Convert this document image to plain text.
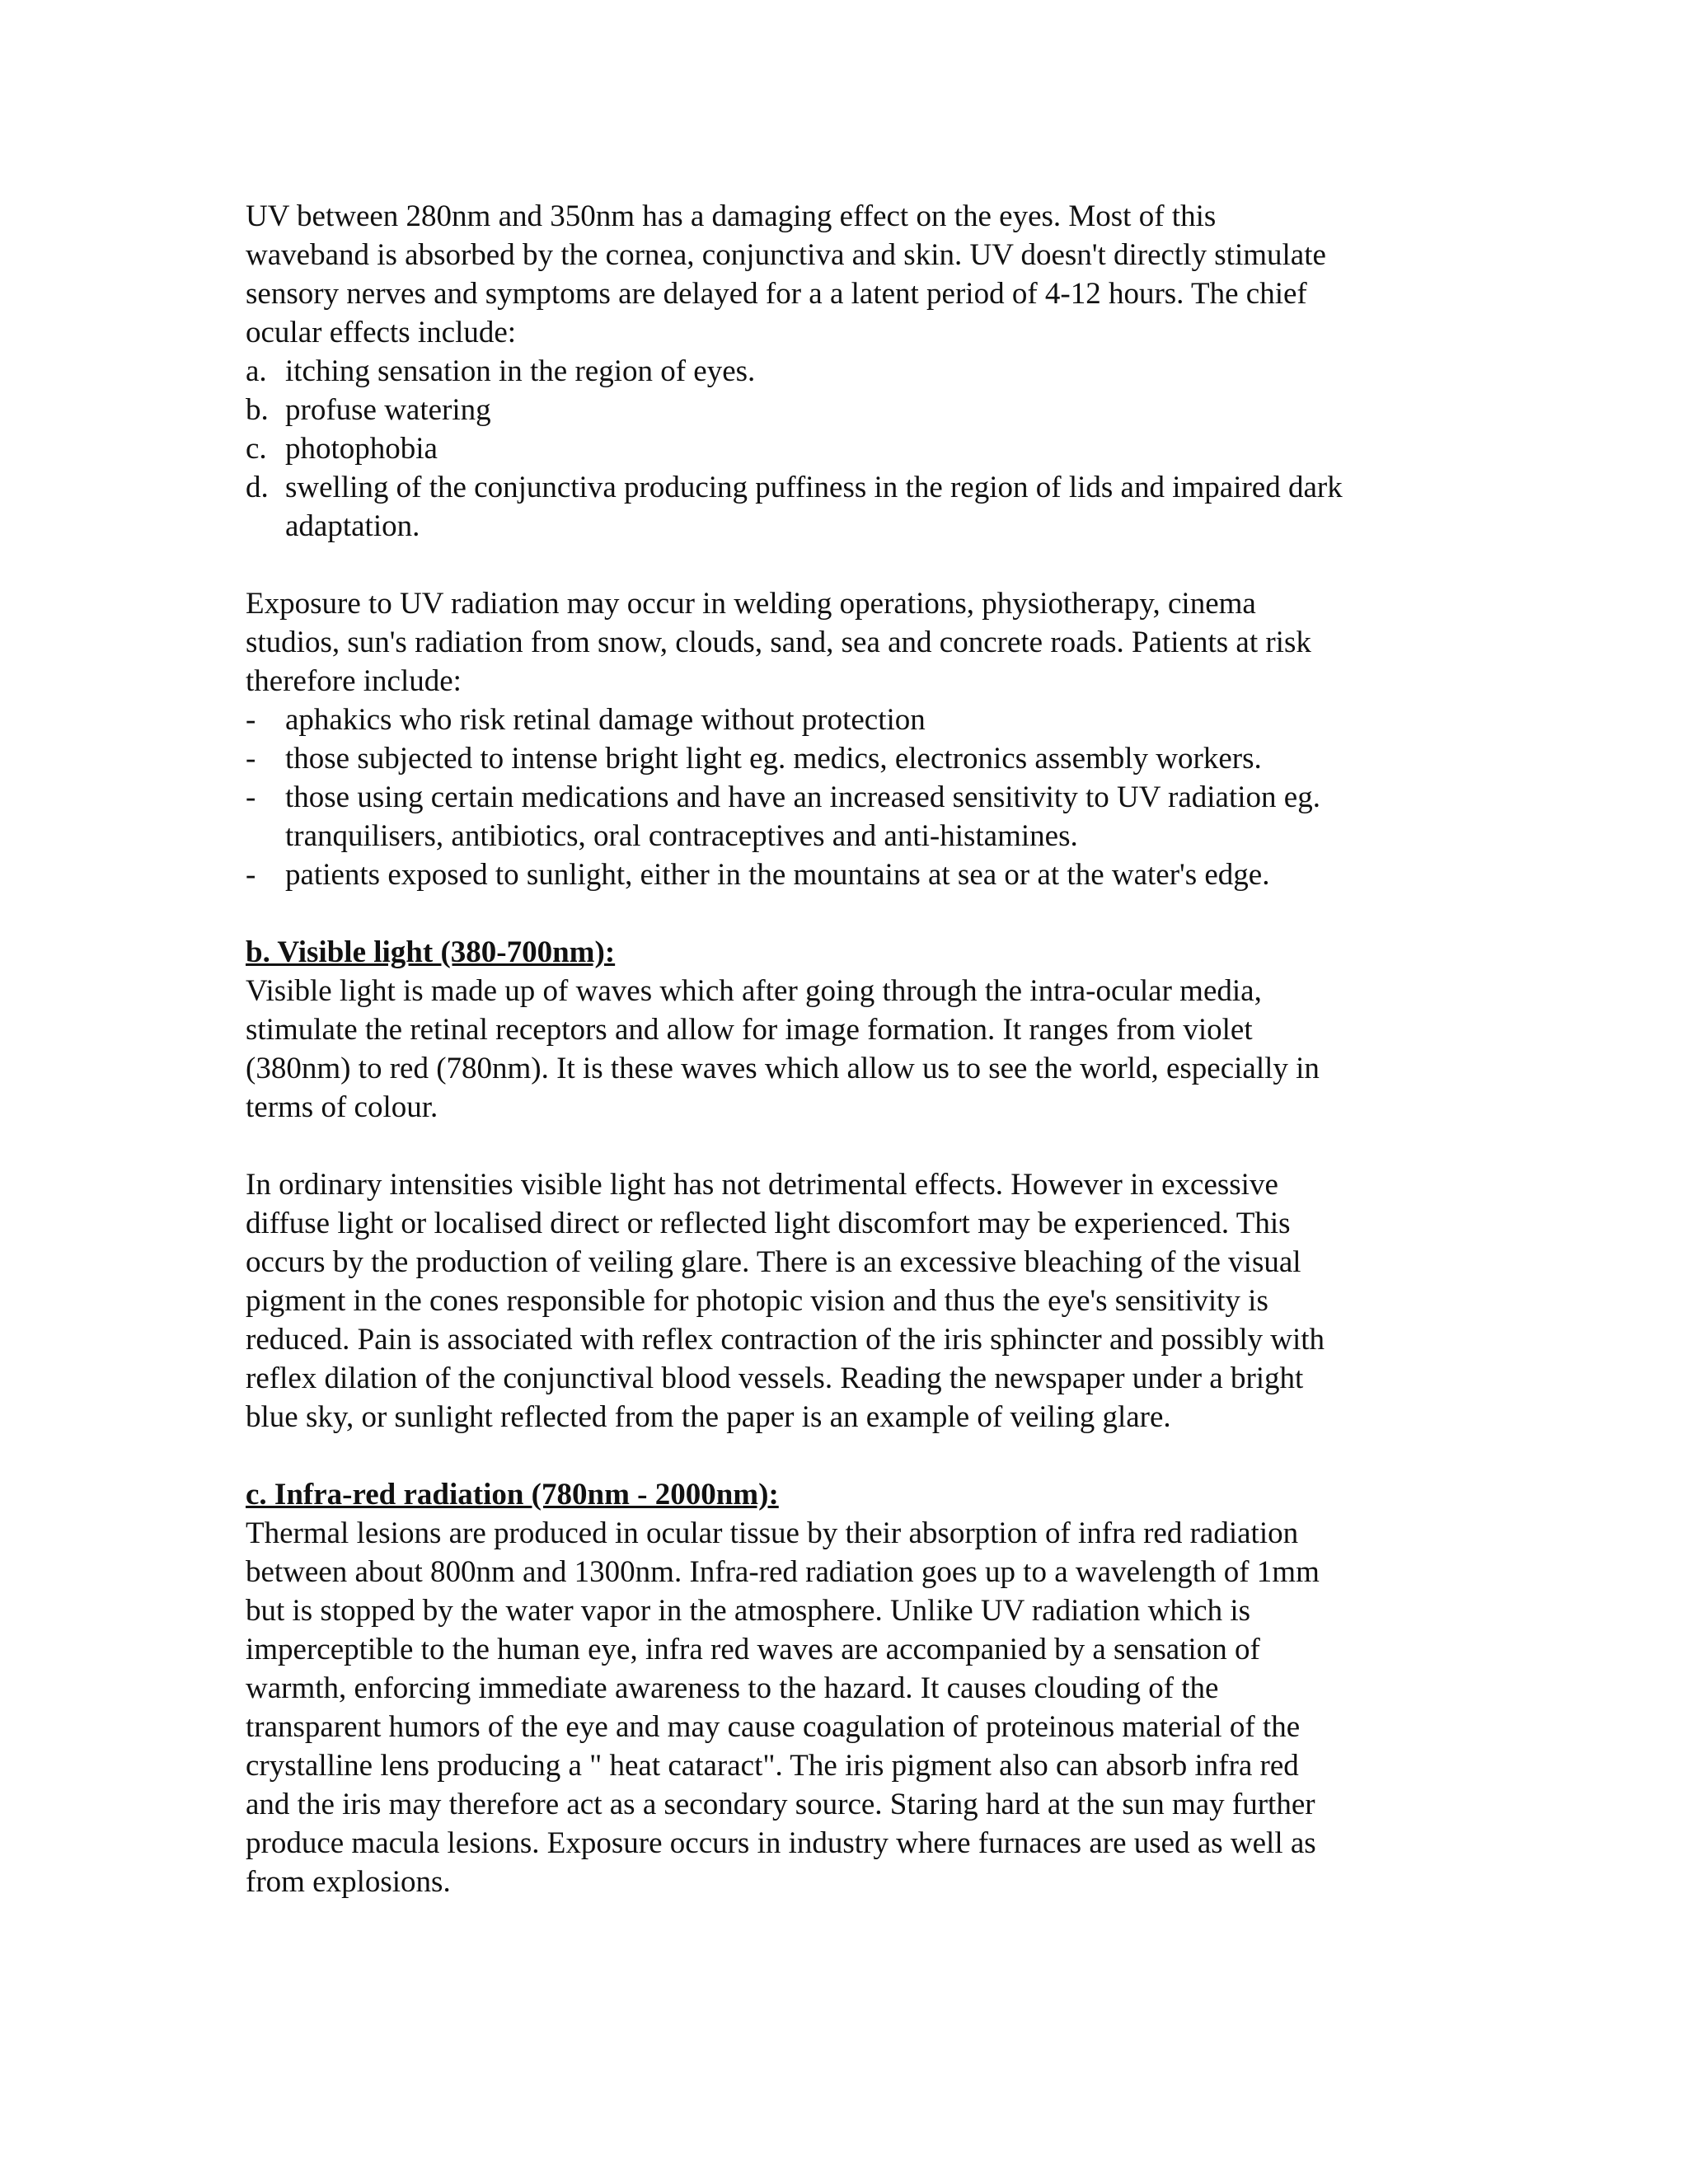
UV between 280nm and 350nm has a damaging effect on the eyes. Most of this
waveband is absorbed by the cornea, conjunctiva and skin. UV doesn't directly stimulate
sensory nerves and symptoms are delayed for a a latent period of 4-12 hours. The chief
ocular effects include:

a. itching sensation in the region of eyes.
b. profuse watering
c. photophobia
d. swelling of the conjunctiva producing puffiness in the region of lids and impaired dark
adaptation.

Exposure to UV radiation may occur in welding operations, physiotherapy, cinema
studios, sun's radiation from snow, clouds, sand, sea and concrete roads. Patients at risk
therefore include:

- aphakics who risk retinal damage without protection
- those subjected to intense bright light eg. medics, electronics assembly workers.
- those using certain medications and have an increased sensitivity to UV radiation eg.
tranquilisers, antibiotics, oral contraceptives and anti-histamines.
- patients exposed to sunlight, either in the mountains at sea or at the water's edge.

b. Visible light (380-700nm):

Visible light is made up of waves which after going through the intra-ocular media,
stimulate the retinal receptors and allow for image formation. It ranges from violet
(380nm) to red (780nm). It is these waves which allow us to see the world, especially in
terms of colour.

In ordinary intensities visible light has not detrimental effects. However in excessive
diffuse light or localised direct or reflected light discomfort may be experienced. This
occurs by the production of veiling glare. There is an excessive bleaching of the visual
pigment in the cones responsible for photopic vision and thus the eye's sensitivity is
reduced. Pain is associated with reflex contraction of the iris sphincter and possibly with
reflex dilation of the conjunctival blood vessels. Reading the newspaper under a bright
blue sky, or sunlight reflected from the paper is an example of veiling glare.

c. Infra-red radiation (780nm - 2000nm):

Thermal lesions are produced in ocular tissue by their absorption of infra red radiation
between about 800nm and 1300nm. Infra-red radiation goes up to a wavelength of 1mm
but is stopped by the water vapor in the atmosphere. Unlike UV radiation which is
imperceptible to the human eye, infra red waves are accompanied by a sensation of
warmth, enforcing immediate awareness to the hazard. It causes clouding of the
transparent humors of the eye and may cause coagulation of proteinous material of the
crystalline lens producing a " heat cataract". The iris pigment also can absorb infra red
and the iris may therefore act as a secondary source. Staring hard at the sun may further
produce macula lesions. Exposure occurs in industry where furnaces are used as well as
from explosions.
